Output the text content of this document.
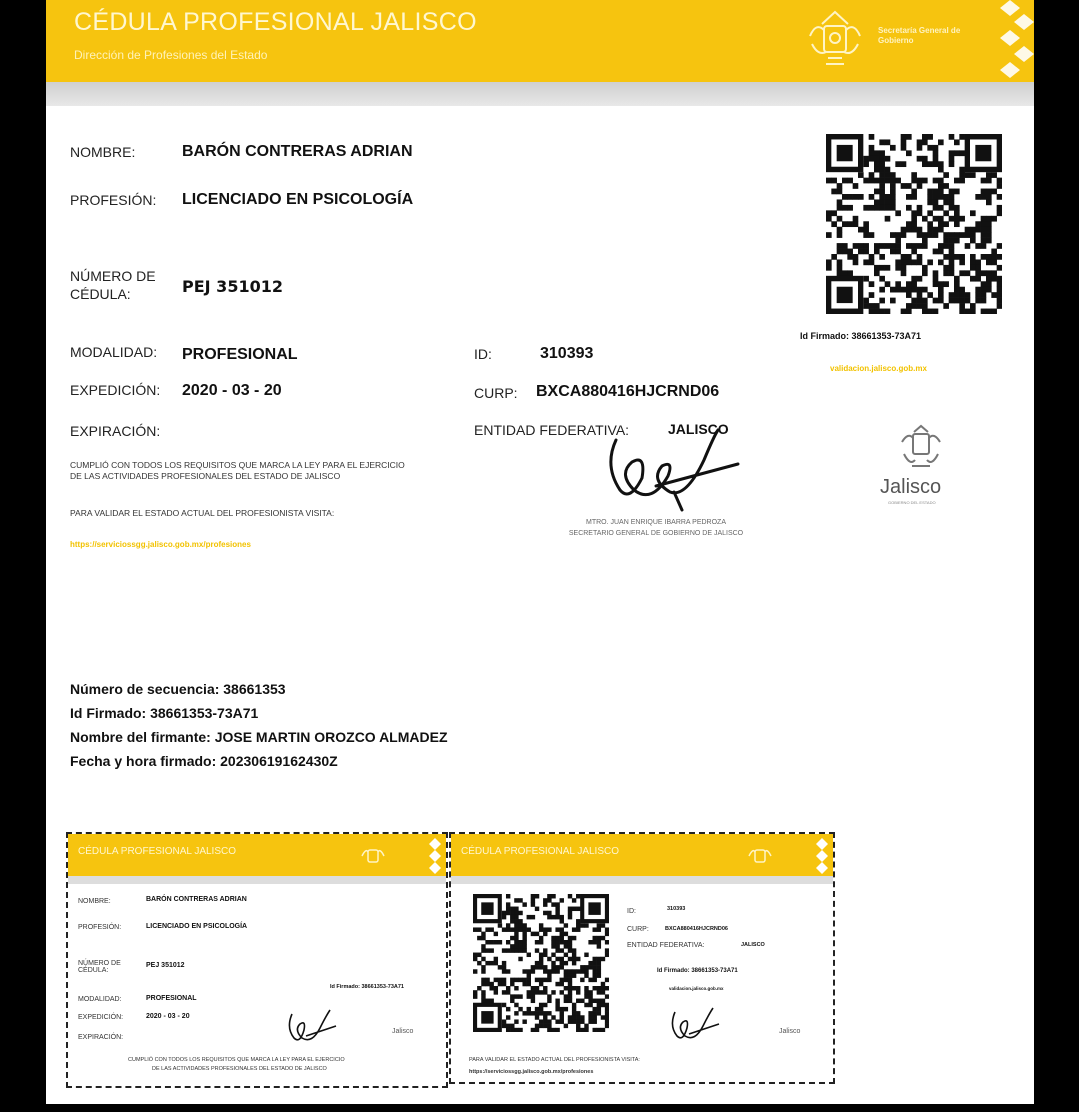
CÉDULA PROFESIONAL JALISCO
Dirección de Profesiones del Estado
Secretaría General de Gobierno
NOMBRE:	BARÓN CONTRERAS ADRIAN
PROFESIÓN: LICENCIADO EN PSICOLOGÍA
NÚMERO DE
CÉDULA:	PEJ 351012
MODALIDAD: PROFESIONAL
EXPEDICIÓN: 2020 - 03 - 20
EXPIRACIÓN:
ID:	310393
CURP: BXCA880416HJCRND06
ENTIDAD FEDERATIVA:	JALISCO
Id Firmado: 38661353-73A71
validacion.jalisco.gob.mx
CUMPLIÓ CON TODOS LOS REQUISITOS QUE MARCA LA LEY PARA EL EJERCICIO
DE LAS ACTIVIDADES PROFESIONALES DEL ESTADO DE JALISCO
PARA VALIDAR EL ESTADO ACTUAL DEL PROFESIONISTA VISITA:
https://serviciossgg.jalisco.gob.mx/profesiones
MTRO. JUAN ENRIQUE IBARRA PEDROZA
SECRETARIO GENERAL DE GOBIERNO DE JALISCO
Jalisco
GOBIERNO DEL ESTADO
Número de secuencia: 38661353
Id Firmado: 38661353-73A71
Nombre del firmante: JOSE MARTIN OROZCO ALMADEZ
Fecha y hora firmado: 20230619162430Z
CÉDULA PROFESIONAL JALISCO
NOMBRE:	BARÓN CONTRERAS ADRIAN
PROFESIÓN:	LICENCIADO EN PSICOLOGÍA
NÚMERO DE CÉDULA:
PEJ 351012
Id Firmado: 38661353-73A71
MODALIDAD:	PROFESIONAL
EXPEDICIÓN:	2020 - 03 - 20
EXPIRACIÓN:
Jalisco
CUMPLIÓ CON TODOS LOS REQUISITOS QUE MARCA LA LEY PARA EL EJERCICIO
DE LAS ACTIVIDADES PROFESIONALES DEL ESTADO DE JALISCO
CÉDULA PROFESIONAL JALISCO
ID:	310393
CURP:	BXCA880416HJCRND06
ENTIDAD FEDERATIVA:	JALISCO
Id Firmado: 38661353-73A71
validacion.jalisco.gob.mx
Jalisco
PARA VALIDAR EL ESTADO ACTUAL DEL PROFESIONISTA VISITA:
https://serviciossgg.jalisco.gob.mx/profesiones
